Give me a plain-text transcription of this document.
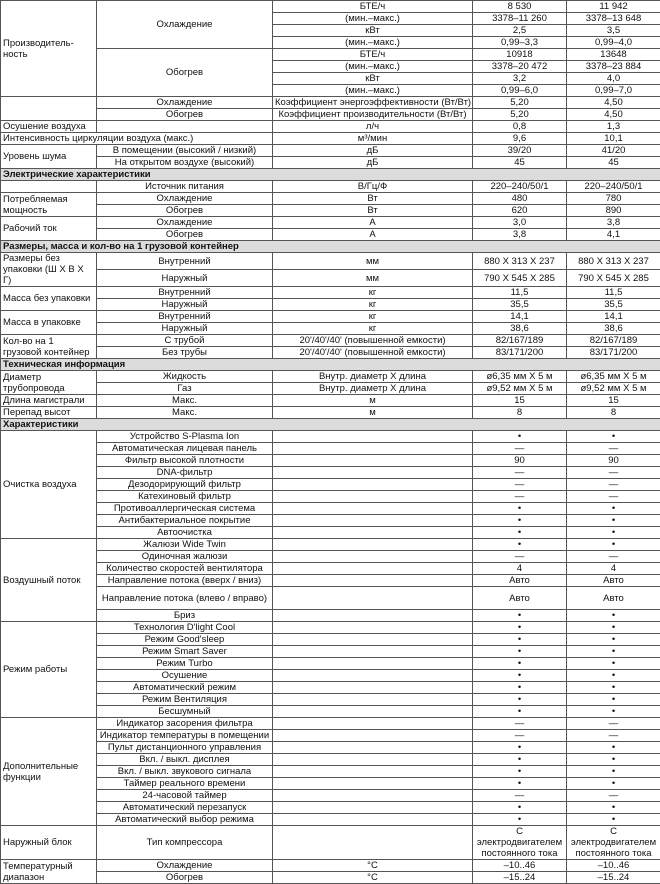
Производитель-ность	Охлаждение	БТЕ/ч	8 530	11 942
		(мин.–макс.)	3378–11 260	3378–13 648
		кВт	2,5	3,5
		(мин.–макс.)	0,99–3,3	0,99–4,0
	Обогрев	БТЕ/ч	10918	13648
		(мин.–макс.)	3378–20 472	3378–23 884
		кВт	3,2	4,0
		(мин.–макс.)	0,99–6,0	0,99–7,0
	Охлаждение	Коэффициент энергоэффективности (Вт/Вт)	5,20	4,50
	Обогрев	Коэффициент производительности (Вт/Вт)	5,20	4,50
Осушение воздуха		л/ч	0,8	1,3
Интенсивность циркуляции воздуха (макс.)		м³/мин	9,6	10,1
Уровень шума	В помещении (высокий / низкий)	дБ	39/20	41/20
	На открытом воздухе (высокий)	дБ	45	45
Электрические характеристики				
	Источник питания	В/Гц/Ф	220–240/50/1	220–240/50/1
Потребляемая мощность	Охлаждение	Вт	480	780
	Обогрев	Вт	620	890
Рабочий ток	Охлаждение	А	3,0	3,8
	Обогрев	А	3,8	4,1
Размеры, масса и кол-во на 1 грузовой контейнер				
Размеры без упаковки (Ш X В X Г)	Внутренний	мм	880 X 313 X 237	880 X 313 X 237
	Наружный	мм	790 X 545 X 285	790 X 545 X 285
Масса без упаковки	Внутренний	кг	11,5	11,5
	Наружный	кг	35,5	35,5
Масса в упаковке	Внутренний	кг	14,1	14,1
	Наружный	кг	38,6	38,6
Кол-во на 1 грузовой контейнер	С трубой	20'/40'/40' (повышенной емкости)	82/167/189	82/167/189
	Без трубы	20'/40'/40' (повышенной емкости)	83/171/200	83/171/200
Техническая информация				
Диаметр трубопровода	Жидкость	Внутр. диаметр X длина	ø6,35 мм X 5 м	ø6,35 мм X 5 м
	Газ	Внутр. диаметр X длина	ø9,52 мм X 5 м	ø9,52 мм X 5 м
Длина магистрали	Макс.	м	15	15
Перепад высот	Макс.	м	8	8
Характеристики				
Очистка воздуха	Устройство S-Plasma Ion		•	•
	Автоматическая лицевая панель		—	—
	Фильтр высокой плотности		90	90
	DNA-фильтр		—	—
	Дезодорирующий фильтр		—	—
	Катехиновый фильтр		—	—
	Противоаллергическая система		•	•
	Антибактериальное покрытие		•	•
	Автоочистка		•	•
Воздушный поток	Жалюзи Wide Twin		•	•
	Одиночная жалюзи		—	—
	Количество скоростей вентилятора		4	4
	Направление потока (вверх / вниз)		Авто	Авто
	Направление потока (влево / вправо)		Авто	Авто
	Бриз		•	•
Режим работы	Технология D'light Cool		•	•
	Режим Good'sleep		•	•
	Режим Smart Saver		•	•
	Режим Turbo		•	•
	Осушение		•	•
	Автоматический режим		•	•
	Режим Вентиляция		•	•
	Бесшумный		•	•
Дополнительные функции	Индикатор засорения фильтра		—	—
	Индикатор температуры в помещении		—	—
	Пульт дистанционного управления		•	•
	Вкл. / выкл. дисплея		•	•
	Вкл. / выкл. звукового сигнала		•	•
	Таймер реального времени		•	•
	24-часовой таймер		—	—
	Автоматический перезапуск		•	•
	Автоматический выбор режима		•	•
Наружный блок	Тип компрессора		С электродвигателем постоянного тока	С электродвигателем постоянного тока
Температурный диапазон	Охлаждение	°C	–10..46	–10..46
	Обогрев	°C	–15..24	–15..24
